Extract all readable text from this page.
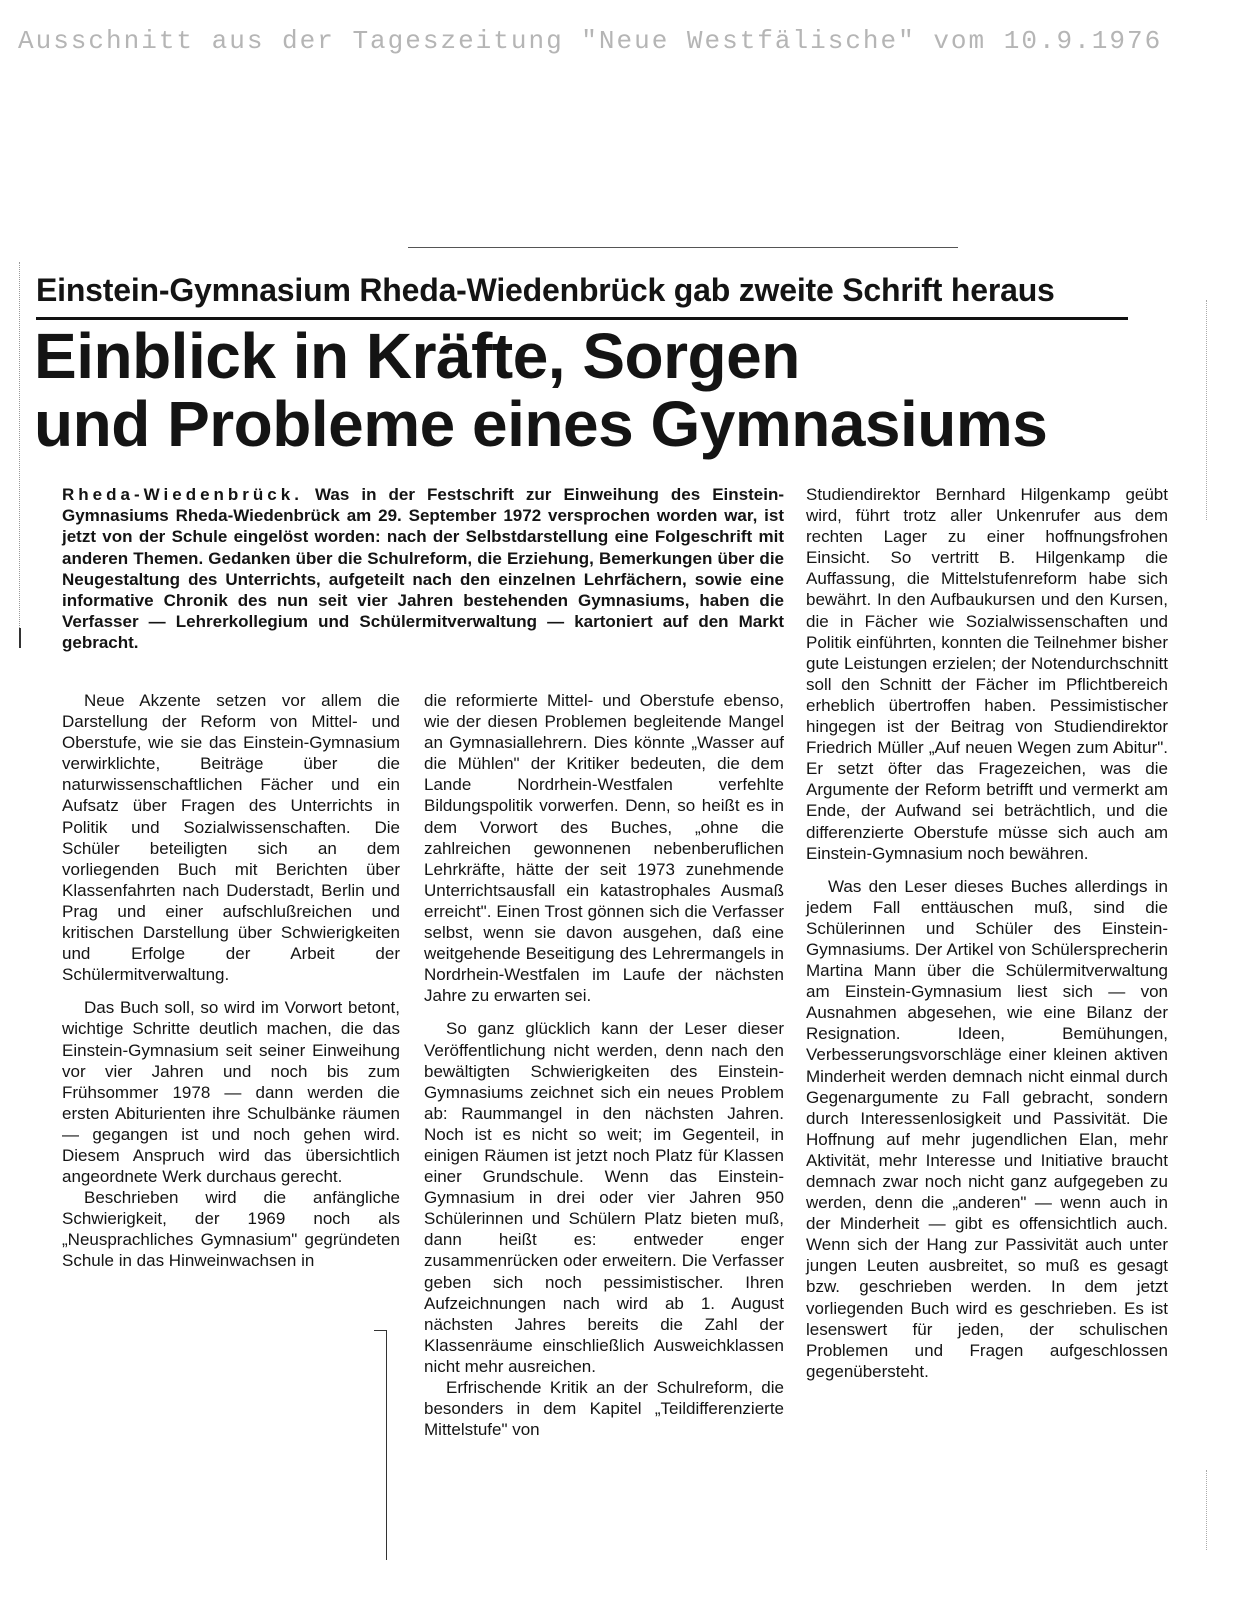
Ausschnitt aus der Tageszeitung "Neue Westfälische" vom 10.9.1976
Einstein-Gymnasium Rheda-Wiedenbrück gab zweite Schrift heraus
Einblick in Kräfte, Sorgen
und Probleme eines Gymnasiums
Rheda-Wiedenbrück. Was in der Festschrift zur Einweihung des Einstein-Gymnasiums Rheda-Wiedenbrück am 29. September 1972 versprochen worden war, ist jetzt von der Schule eingelöst worden: nach der Selbstdarstellung eine Folgeschrift mit anderen Themen. Gedanken über die Schulreform, die Erziehung, Bemerkungen über die Neugestaltung des Unterrichts, aufgeteilt nach den einzelnen Lehrfächern, sowie eine informative Chronik des nun seit vier Jahren bestehenden Gymnasiums, haben die Verfasser — Lehrerkollegium und Schülermitverwaltung — kartoniert auf den Markt gebracht.

Neue Akzente setzen vor allem die Darstellung der Reform von Mittel- und Oberstufe, wie sie das Einstein-Gymnasium verwirklichte, Beiträge über die naturwissenschaftlichen Fächer und ein Aufsatz über Fragen des Unterrichts in Politik und Sozialwissenschaften. Die Schüler beteiligten sich an dem vorliegenden Buch mit Berichten über Klassenfahrten nach Duderstadt, Berlin und Prag und einer aufschlußreichen und kritischen Darstellung über Schwierigkeiten und Erfolge der Arbeit der Schülermitverwaltung.

Das Buch soll, so wird im Vorwort betont, wichtige Schritte deutlich machen, die das Einstein-Gymnasium seit seiner Einweihung vor vier Jahren und noch bis zum Frühsommer 1978 — dann werden die ersten Abiturienten ihre Schulbänke räumen — gegangen ist und noch gehen wird. Diesem Anspruch wird das übersichtlich angeordnete Werk durchaus gerecht.

Beschrieben wird die anfängliche Schwierigkeit, der 1969 noch als „Neusprachliches Gymnasium" gegründeten Schule in das Hinweinwachsen in

die reformierte Mittel- und Oberstufe ebenso, wie der diesen Problemen begleitende Mangel an Gymnasiallehrern. Dies könnte „Wasser auf die Mühlen" der Kritiker bedeuten, die dem Lande Nordrhein-Westfalen verfehlte Bildungspolitik vorwerfen. Denn, so heißt es in dem Vorwort des Buches, „ohne die zahlreichen gewonnenen nebenberuflichen Lehrkräfte, hätte der seit 1973 zunehmende Unterrichtsausfall ein katastrophales Ausmaß erreicht". Einen Trost gönnen sich die Verfasser selbst, wenn sie davon ausgehen, daß eine weitgehende Beseitigung des Lehrermangels in Nordrhein-Westfalen im Laufe der nächsten Jahre zu erwarten sei.

So ganz glücklich kann der Leser dieser Veröffentlichung nicht werden, denn nach den bewältigten Schwierigkeiten des Einstein-Gymnasiums zeichnet sich ein neues Problem ab: Raummangel in den nächsten Jahren. Noch ist es nicht so weit; im Gegenteil, in einigen Räumen ist jetzt noch Platz für Klassen einer Grundschule. Wenn das Einstein-Gymnasium in drei oder vier Jahren 950 Schülerinnen und Schülern Platz bieten muß, dann heißt es: entweder enger zusammenrücken oder erweitern. Die Verfasser geben sich noch pessimistischer. Ihren Aufzeichnungen nach wird ab 1. August nächsten Jahres bereits die Zahl der Klassenräume einschließlich Ausweichklassen nicht mehr ausreichen.

Erfrischende Kritik an der Schulreform, die besonders in dem Kapitel „Teildifferenzierte Mittelstufe" von

Studiendirektor Bernhard Hilgenkamp geübt wird, führt trotz aller Unkenrufer aus dem rechten Lager zu einer hoffnungsfrohen Einsicht. So vertritt B. Hilgenkamp die Auffassung, die Mittelstufenreform habe sich bewährt. In den Aufbaukursen und den Kursen, die in Fächer wie Sozialwissenschaften und Politik einführten, konnten die Teilnehmer bisher gute Leistungen erzielen; der Notendurchschnitt soll den Schnitt der Fächer im Pflichtbereich erheblich übertroffen haben. Pessimistischer hingegen ist der Beitrag von Studiendirektor Friedrich Müller „Auf neuen Wegen zum Abitur". Er setzt öfter das Fragezeichen, was die Argumente der Reform betrifft und vermerkt am Ende, der Aufwand sei beträchtlich, und die differenzierte Oberstufe müsse sich auch am Einstein-Gymnasium noch bewähren.

Was den Leser dieses Buches allerdings in jedem Fall enttäuschen muß, sind die Schülerinnen und Schüler des Einstein-Gymnasiums. Der Artikel von Schülersprecherin Martina Mann über die Schülermitverwaltung am Einstein-Gymnasium liest sich — von Ausnahmen abgesehen, wie eine Bilanz der Resignation. Ideen, Bemühungen, Verbesserungsvorschläge einer kleinen aktiven Minderheit werden demnach nicht einmal durch Gegenargumente zu Fall gebracht, sondern durch Interessenlosigkeit und Passivität. Die Hoffnung auf mehr jugendlichen Elan, mehr Aktivität, mehr Interesse und Initiative braucht demnach zwar noch nicht ganz aufgegeben zu werden, denn die „anderen" — wenn auch in der Minderheit — gibt es offensichtlich auch. Wenn sich der Hang zur Passivität auch unter jungen Leuten ausbreitet, so muß es gesagt bzw. geschrieben werden. In dem jetzt vorliegenden Buch wird es geschrieben. Es ist lesenswert für jeden, der schulischen Problemen und Fragen aufgeschlossen gegenübersteht.
